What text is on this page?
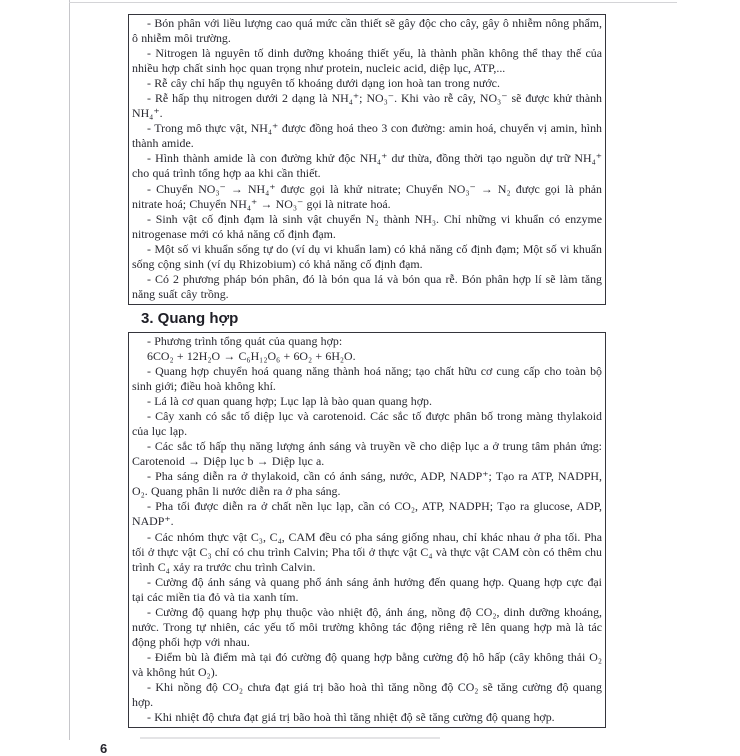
- Bón phân với liều lượng cao quá mức cần thiết sẽ gây độc cho cây, gây ô nhiễm nông phẩm, ô nhiễm môi trường.

- Nitrogen là nguyên tố dinh dưỡng khoáng thiết yếu, là thành phần không thể thay thế của nhiều hợp chất sinh học quan trọng như protein, nucleic acid, diệp lục, ATP,...

- Rễ cây chỉ hấp thụ nguyên tố khoáng dưới dạng ion hoà tan trong nước.

- Rễ hấp thụ nitrogen dưới 2 dạng là NH₄⁺; NO₃⁻. Khi vào rễ cây, NO₃⁻ sẽ được khử thành NH₄⁺.

- Trong mô thực vật, NH₄⁺ được đồng hoá theo 3 con đường: amin hoá, chuyển vị amin, hình thành amide.

- Hình thành amide là con đường khử độc NH₄⁺ dư thừa, đồng thời tạo nguồn dự trữ NH₄⁺ cho quá trình tổng hợp aa khi cần thiết.

- Chuyển NO₃⁻ → NH₄⁺ được gọi là khử nitrate; Chuyển NO₃⁻ → N₂ được gọi là phản nitrate hoá; Chuyển NH₄⁺ → NO₃⁻ gọi là nitrate hoá.

- Sinh vật cố định đạm là sinh vật chuyển N₂ thành NH₃. Chỉ những vi khuẩn có enzyme nitrogenase mới có khả năng cố định đạm.

- Một số vi khuẩn sống tự do (ví dụ vi khuẩn lam) có khả năng cố định đạm; Một số vi khuẩn sống cộng sinh (ví dụ Rhizobium) có khả năng cố định đạm.

- Có 2 phương pháp bón phân, đó là bón qua lá và bón qua rễ. Bón phân hợp lí sẽ làm tăng năng suất cây trồng.

3. Quang hợp

- Phương trình tổng quát của quang hợp:

6CO₂ + 12H₂O → C₆H₁₂O₆ + 6O₂ + 6H₂O.

- Quang hợp chuyển hoá quang năng thành hoá năng; tạo chất hữu cơ cung cấp cho toàn bộ sinh giới; điều hoà không khí.

- Lá là cơ quan quang hợp; Lục lạp là bào quan quang hợp.

- Cây xanh có sắc tố diệp lục và carotenoid. Các sắc tố được phân bố trong màng thylakoid của lục lạp.

- Các sắc tố hấp thụ năng lượng ánh sáng và truyền về cho diệp lục a ở trung tâm phản ứng: Carotenoid → Diệp lục b → Diệp lục a.

- Pha sáng diễn ra ở thylakoid, cần có ánh sáng, nước, ADP, NADP⁺; Tạo ra ATP, NADPH, O₂. Quang phân li nước diễn ra ở pha sáng.

- Pha tối được diễn ra ở chất nền lục lạp, cần có CO₂, ATP, NADPH; Tạo ra glucose, ADP, NADP⁺.

- Các nhóm thực vật C₃, C₄, CAM đều có pha sáng giống nhau, chỉ khác nhau ở pha tối. Pha tối ở thực vật C₃ chỉ có chu trình Calvin; Pha tối ở thực vật C₄ và thực vật CAM còn có thêm chu trình C₄ xảy ra trước chu trình Calvin.

- Cường độ ánh sáng và quang phổ ánh sáng ảnh hưởng đến quang hợp. Quang hợp cực đại tại các miền tia đỏ và tia xanh tím.

- Cường độ quang hợp phụ thuộc vào nhiệt độ, ánh áng, nồng độ CO₂, dinh dưỡng khoáng, nước. Trong tự nhiên, các yếu tố môi trường không tác động riêng rẽ lên quang hợp mà là tác động phối hợp với nhau.

- Điểm bù là điểm mà tại đó cường độ quang hợp bằng cường độ hô hấp (cây không thải O₂ và không hút O₂).

- Khi nồng độ CO₂ chưa đạt giá trị bão hoà thì tăng nồng độ CO₂ sẽ tăng cường độ quang hợp.

- Khi nhiệt độ chưa đạt giá trị bão hoà thì tăng nhiệt độ sẽ tăng cường độ quang hợp.

6
